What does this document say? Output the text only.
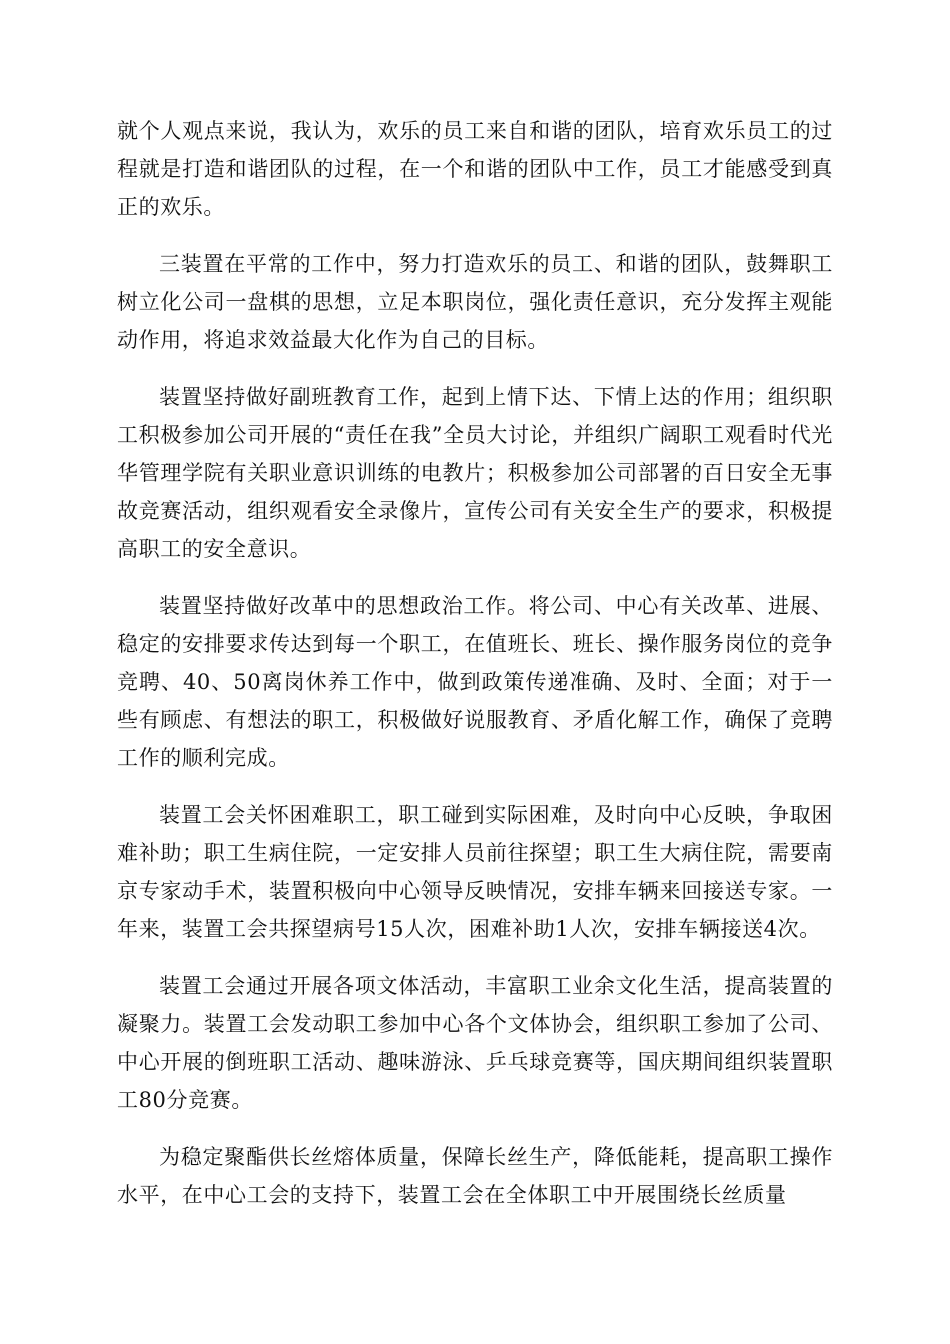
就个人观点来说，我认为，欢乐的员工来自和谐的团队，培育欢乐员工的过程就是打造和谐团队的过程，在一个和谐的团队中工作，员工才能感受到真正的欢乐。

三装置在平常的工作中，努力打造欢乐的员工、和谐的团队，鼓舞职工树立化公司一盘棋的思想，立足本职岗位，强化责任意识，充分发挥主观能动作用，将追求效益最大化作为自己的目标。

装置坚持做好副班教育工作，起到上情下达、下情上达的作用；组织职工积极参加公司开展的“责任在我”全员大讨论，并组织广阔职工观看时代光华管理学院有关职业意识训练的电教片；积极参加公司部署的百日安全无事故竞赛活动，组织观看安全录像片，宣传公司有关安全生产的要求，积极提高职工的安全意识。

装置坚持做好改革中的思想政治工作。将公司、中心有关改革、进展、稳定的安排要求传达到每一个职工，在值班长、班长、操作服务岗位的竞争竞聘、40、50离岗休养工作中，做到政策传递准确、及时、全面；对于一些有顾虑、有想法的职工，积极做好说服教育、矛盾化解工作，确保了竞聘工作的顺利完成。

装置工会关怀困难职工，职工碰到实际困难，及时向中心反映，争取困难补助；职工生病住院，一定安排人员前往探望；职工生大病住院，需要南京专家动手术，装置积极向中心领导反映情况，安排车辆来回接送专家。一年来，装置工会共探望病号15人次，困难补助1人次，安排车辆接送4次。

装置工会通过开展各项文体活动，丰富职工业余文化生活，提高装置的凝聚力。装置工会发动职工参加中心各个文体协会，组织职工参加了公司、中心开展的倒班职工活动、趣味游泳、乒乓球竞赛等，国庆期间组织装置职工80分竞赛。

为稳定聚酯供长丝熔体质量，保障长丝生产，降低能耗，提高职工操作水平，在中心工会的支持下，装置工会在全体职工中开展围绕长丝质量
